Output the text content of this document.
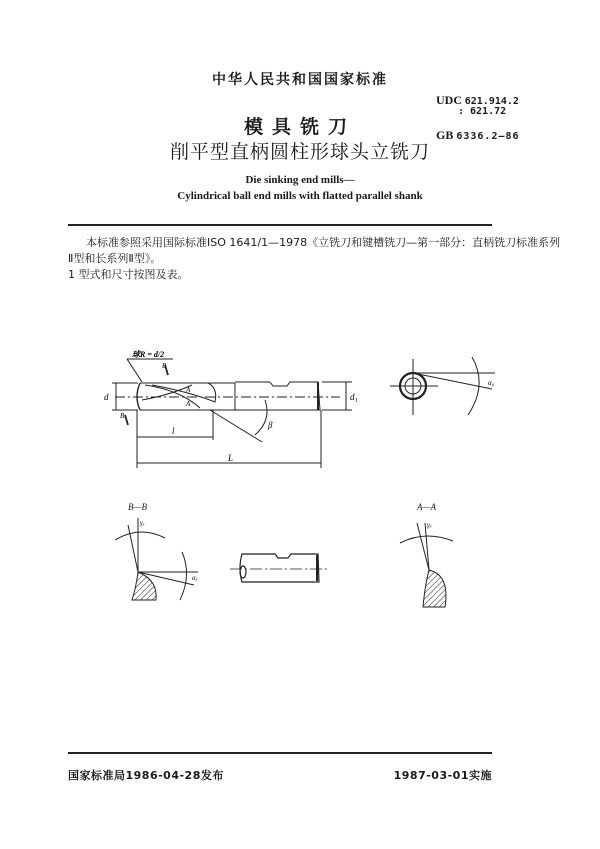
中华人民共和国国家标准
模具铣刀
削平型直柄圆柱形球头立铣刀
Die sinking end mills—
Cylindrical ball end mills with flatted parallel shank
UDC 621.914.2
: 621.72
GB 6336.2—86
本标准参照采用国际标准ISO 1641/1—1978《立铣刀和键槽铣刀—第一部分：直柄铣刀标准系列
Ⅱ型和长系列Ⅱ型》。
1 型式和尺寸按图及表。
球R = d/2
d	d₁
l
L
β
B
B
A
A
α₀
γₓ
αₓ
B—B
γₓ
A—A
国家标准局1986-04-28发布	1987-03-01实施
